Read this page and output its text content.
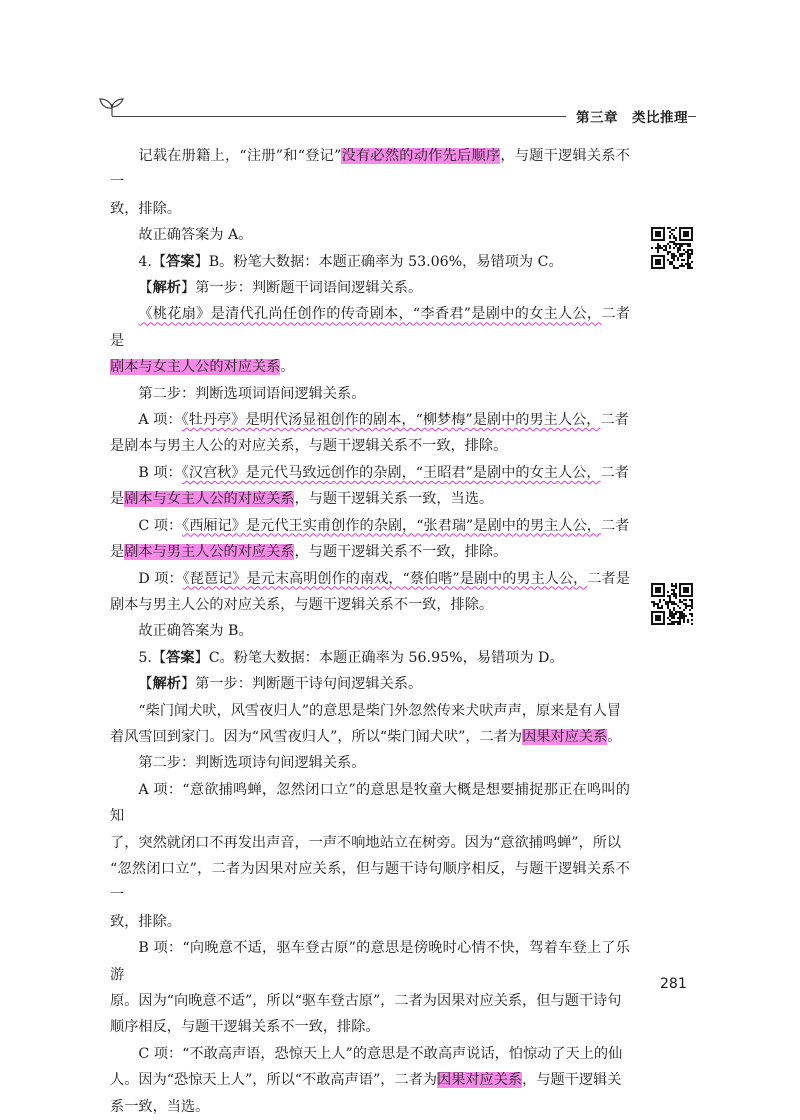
第三章 类比推理

记载在册籍上，“注册”和“登记”没有必然的动作先后顺序，与题干逻辑关系不一

致，排除。

故正确答案为 A。

4.【答案】B。粉笔大数据：本题正确率为 53.06%，易错项为 C。

【解析】第一步：判断题干词语间逻辑关系。

《桃花扇》是清代孔尚任创作的传奇剧本，“李香君”是剧中的女主人公，二者是

剧本与女主人公的对应关系。

第二步：判断选项词语间逻辑关系。

A 项：《牡丹亭》是明代汤显祖创作的剧本，“柳梦梅”是剧中的男主人公，二者

是剧本与男主人公的对应关系，与题干逻辑关系不一致，排除。

B 项：《汉宫秋》是元代马致远创作的杂剧，“王昭君”是剧中的女主人公，二者

是剧本与女主人公的对应关系，与题干逻辑关系一致，当选。

C 项：《西厢记》是元代王实甫创作的杂剧，“张君瑞”是剧中的男主人公，二者

是剧本与男主人公的对应关系，与题干逻辑关系不一致，排除。

D 项：《琵琶记》是元末高明创作的南戏，“蔡伯喈”是剧中的男主人公，二者是

剧本与男主人公的对应关系，与题干逻辑关系不一致，排除。

故正确答案为 B。

5.【答案】C。粉笔大数据：本题正确率为 56.95%，易错项为 D。

【解析】第一步：判断题干诗句间逻辑关系。

“柴门闻犬吠，风雪夜归人”的意思是柴门外忽然传来犬吠声声，原来是有人冒

着风雪回到家门。因为“风雪夜归人”，所以“柴门闻犬吠”，二者为因果对应关系。

第二步：判断选项诗句间逻辑关系。

A 项：“意欲捕鸣蝉，忽然闭口立”的意思是牧童大概是想要捕捉那正在鸣叫的知

了，突然就闭口不再发出声音，一声不响地站立在树旁。因为“意欲捕鸣蝉”，所以

“忽然闭口立”，二者为因果对应关系，但与题干诗句顺序相反，与题干逻辑关系不一

致，排除。

B 项：“向晚意不适，驱车登古原”的意思是傍晚时心情不快，驾着车登上了乐游

原。因为“向晚意不适”，所以“驱车登古原”，二者为因果对应关系，但与题干诗句

顺序相反，与题干逻辑关系不一致，排除。

C 项：“不敢高声语，恐惊天上人”的意思是不敢高声说话，怕惊动了天上的仙

人。因为“恐惊天上人”，所以“不敢高声语”，二者为因果对应关系，与题干逻辑关

系一致，当选。

281
